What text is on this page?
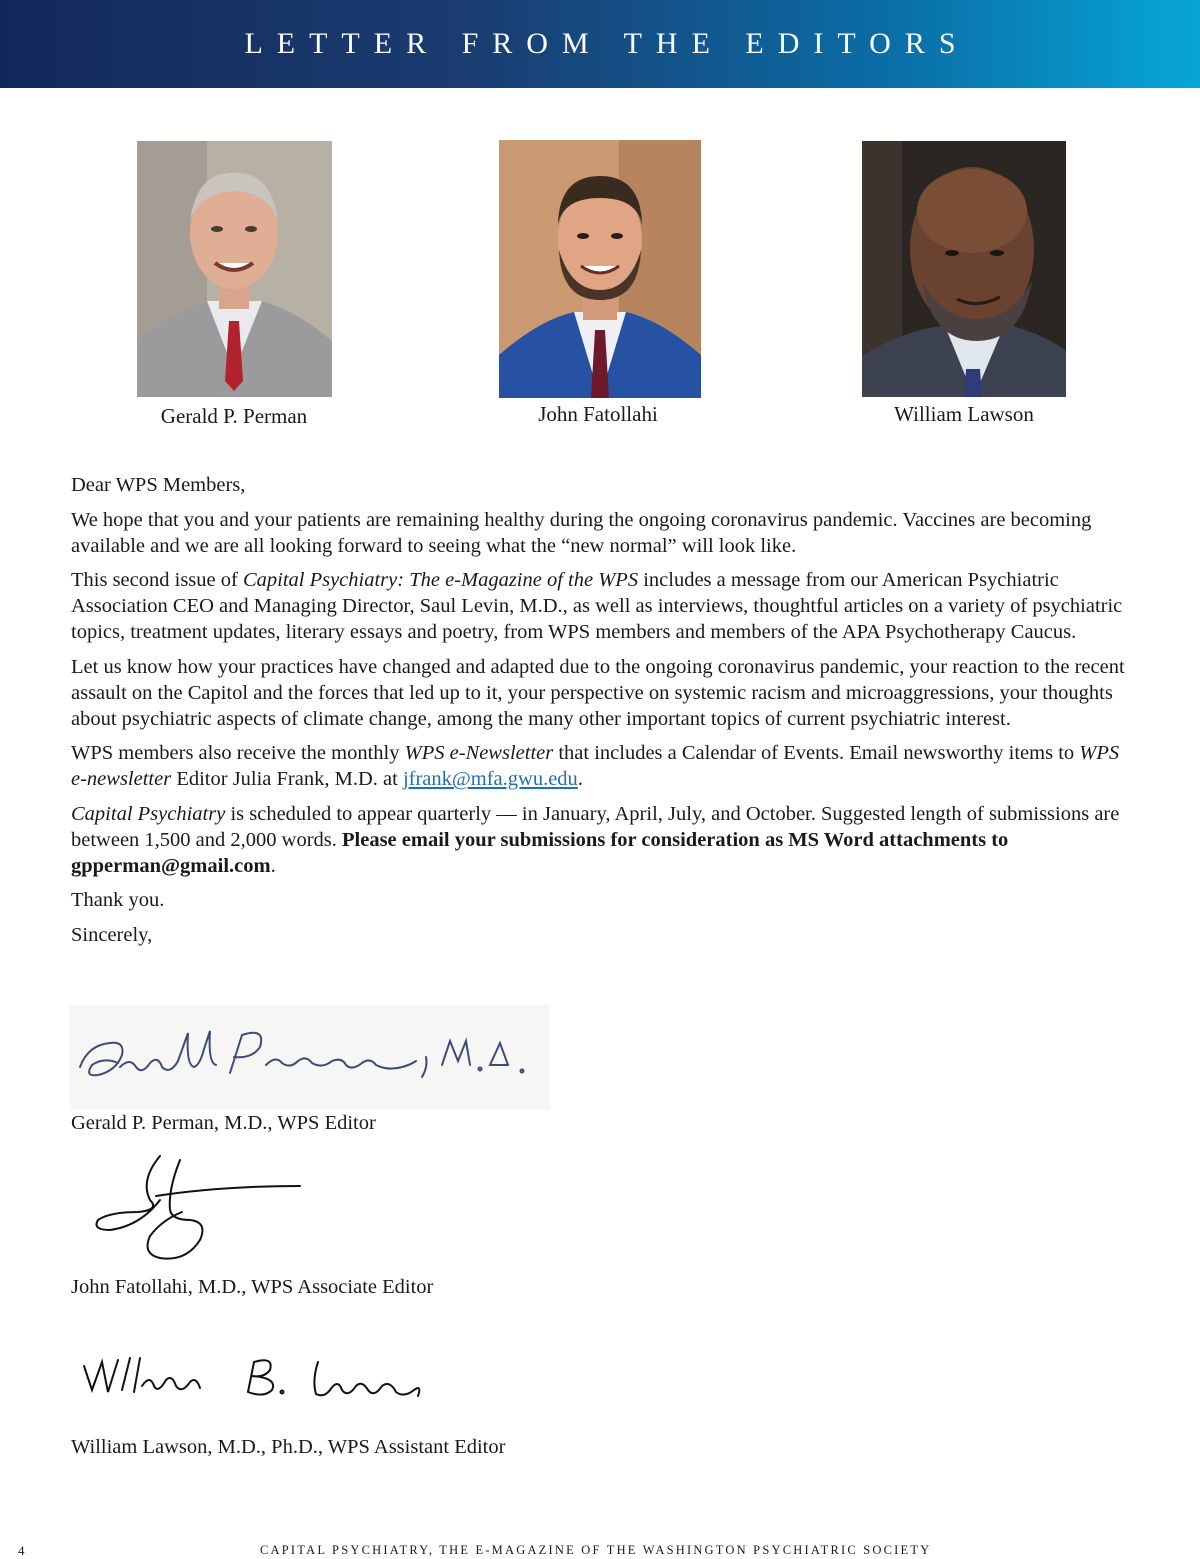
LETTER FROM THE EDITORS
Gerald P. Perman	John Fatollahi	William Lawson

Dear WPS Members,

We hope that you and your patients are remaining healthy during the ongoing coronavirus pandemic. Vaccines are becoming available and we are all looking forward to seeing what the “new normal” will look like.

This second issue of Capital Psychiatry: The e-Magazine of the WPS includes a message from our American Psychiatric Association CEO and Managing Director, Saul Levin, M.D., as well as interviews, thoughtful articles on a variety of psychiatric topics, treatment updates, literary essays and poetry, from WPS members and members of the APA Psychotherapy Caucus.

Let us know how your practices have changed and adapted due to the ongoing coronavirus pandemic, your reaction to the recent assault on the Capitol and the forces that led up to it, your perspective on systemic racism and microaggressions, your thoughts about psychiatric aspects of climate change, among the many other important topics of current psychiatric interest.

WPS members also receive the monthly WPS e-Newsletter that includes a Calendar of Events. Email newsworthy items to WPS e-newsletter Editor Julia Frank, M.D. at jfrank@mfa.gwu.edu.

Capital Psychiatry is scheduled to appear quarterly — in January, April, July, and October. Suggested length of submissions are between 1,500 and 2,000 words. Please email your submissions for consideration as MS Word attachments to gpperman@gmail.com.

Thank you.

Sincerely,

Gerald P. Perman, M.D., WPS Editor
John Fatollahi, M.D., WPS Associate Editor
William Lawson, M.D., Ph.D., WPS Assistant Editor
4	CAPITAL PSYCHIATRY, THE E-MAGAZINE OF THE WASHINGTON PSYCHIATRIC SOCIETY
